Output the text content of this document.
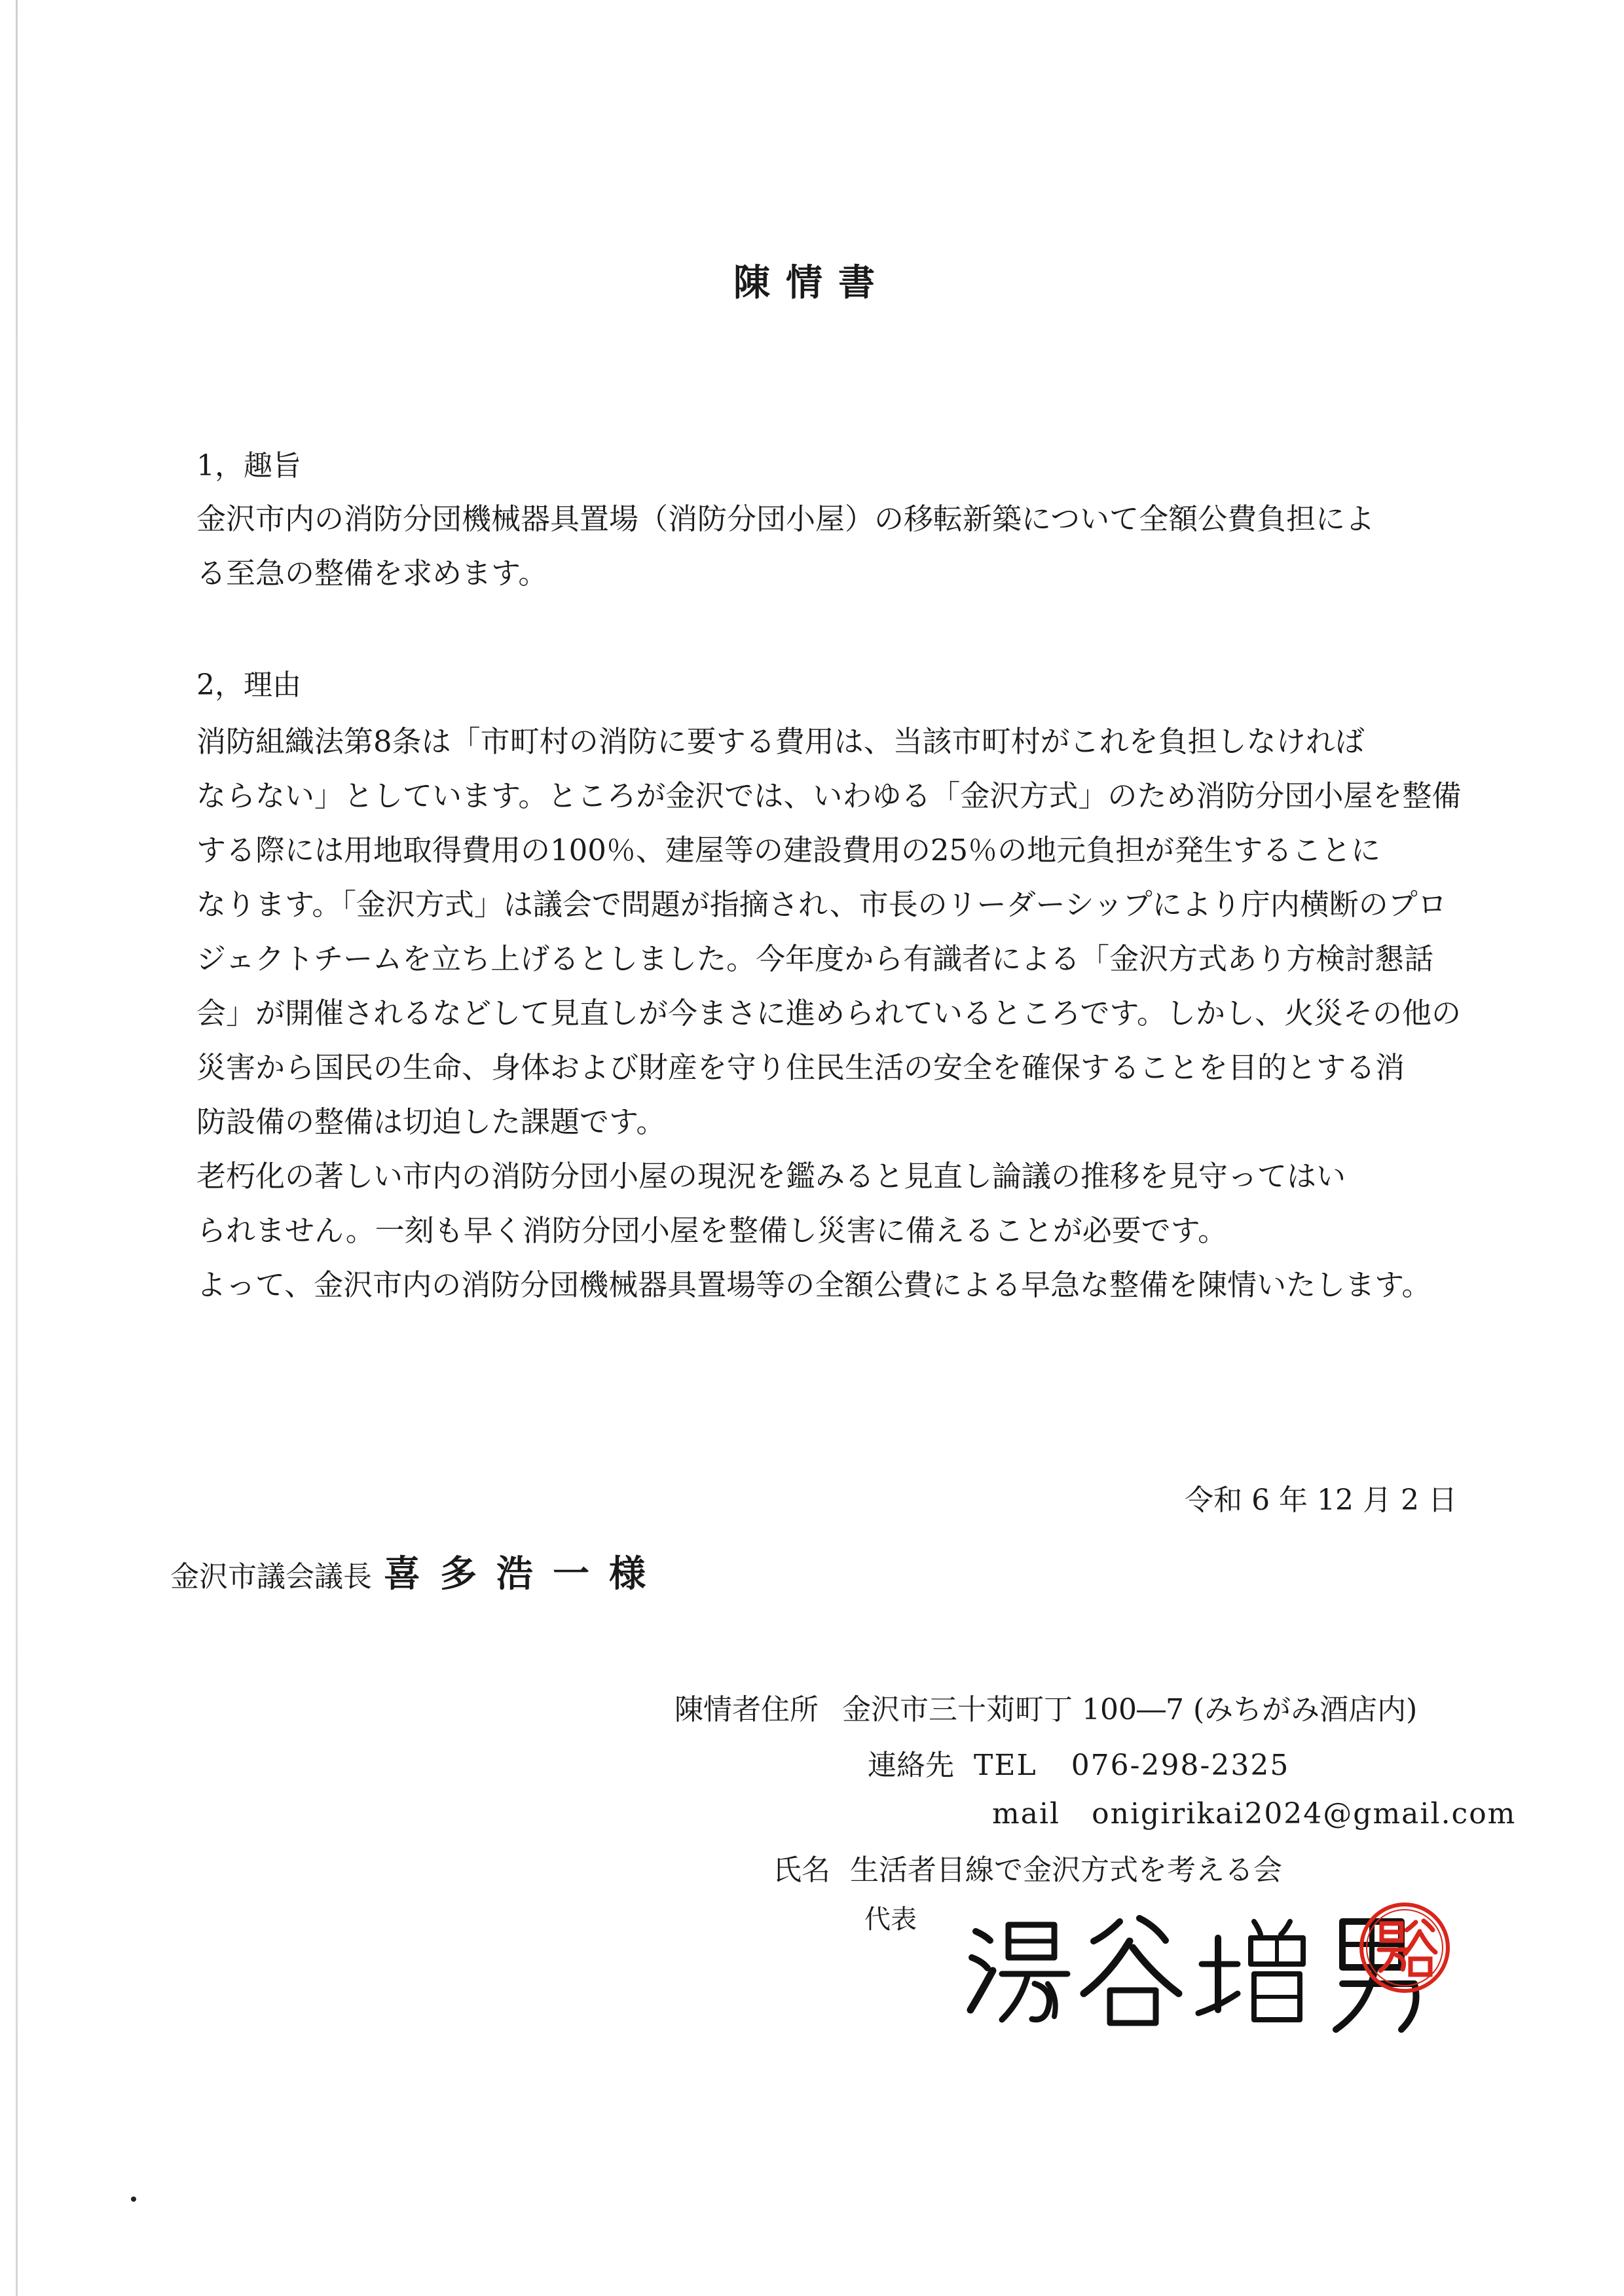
陳情書
1，趣旨
金沢市内の消防分団機械器具置場（消防分団小屋）の移転新築について全額公費負担によ
る至急の整備を求めます。
2，理由
消防組織法第8条は「市町村の消防に要する費用は、当該市町村がこれを負担しなければ
ならない」としています。ところが金沢では、いわゆる「金沢方式」のため消防分団小屋を整備
する際には用地取得費用の100％、建屋等の建設費用の25％の地元負担が発生することに
なります。「金沢方式」は議会で問題が指摘され、市長のリーダーシップにより庁内横断のプロ
ジェクトチームを立ち上げるとしました。今年度から有識者による「金沢方式あり方検討懇話
会」が開催されるなどして見直しが今まさに進められているところです。しかし、火災その他の
災害から国民の生命、身体および財産を守り住民生活の安全を確保することを目的とする消
防設備の整備は切迫した課題です。
老朽化の著しい市内の消防分団小屋の現況を鑑みると見直し論議の推移を見守ってはい
られません。一刻も早く消防分団小屋を整備し災害に備えることが必要です。
よって、金沢市内の消防分団機械器具置場等の全額公費による早急な整備を陳情いたします。
令和 6 年 12 月 2 日
金沢市議会議長 喜多浩一様
陳情者住所 金沢市三十苅町丁 100―7 (みちがみ酒店内)
連絡先 TEL 076-298-2325
mail onigirikai2024@gmail.com
氏名 生活者目線で金沢方式を考える会
代表
